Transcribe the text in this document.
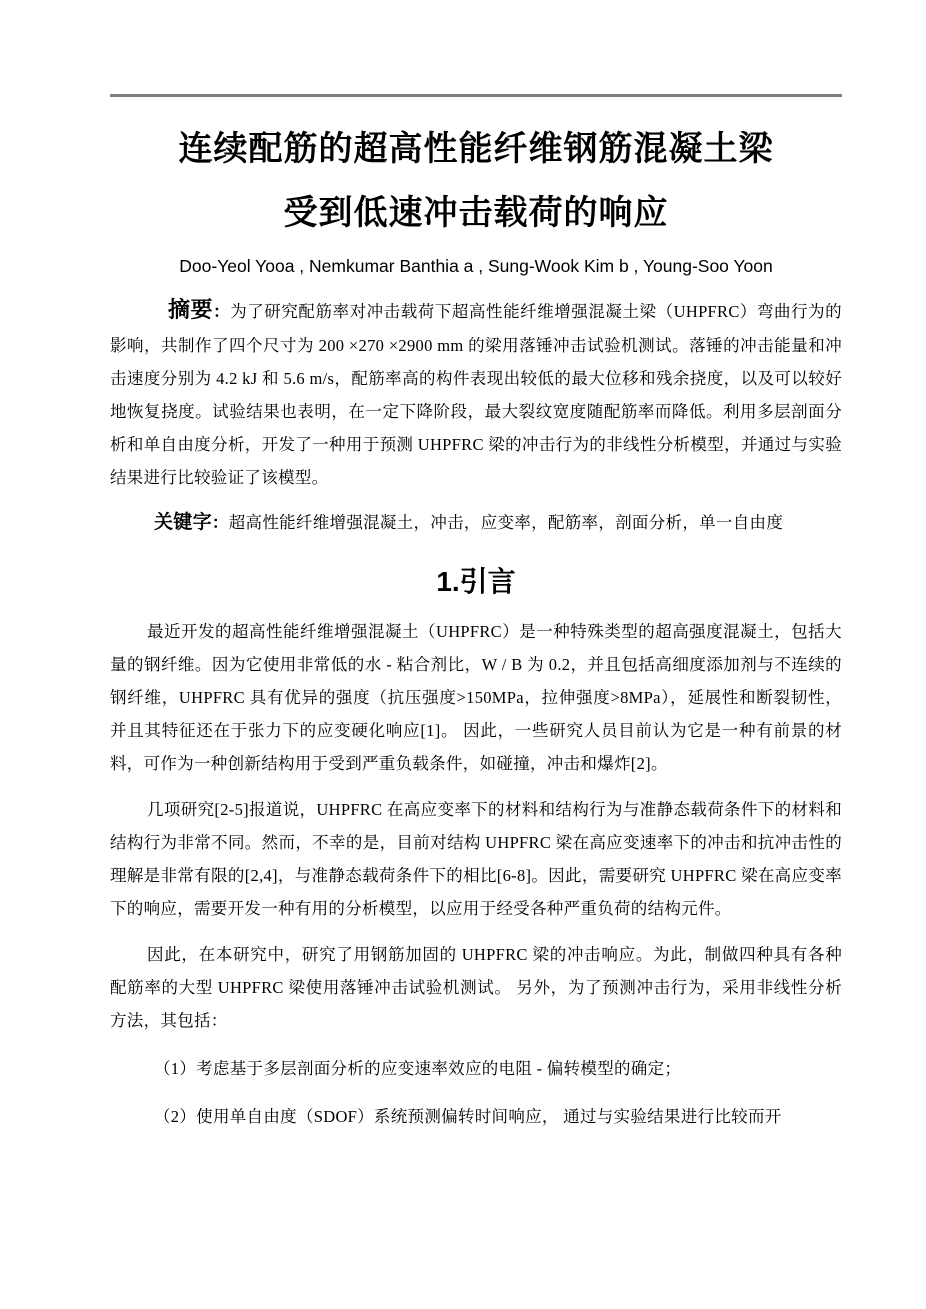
连续配筋的超高性能纤维钢筋混凝土梁
受到低速冲击载荷的响应
Doo-Yeol Yooa , Nemkumar Banthia a , Sung-Wook Kim b , Young-Soo Yoon

摘要：为了研究配筋率对冲击载荷下超高性能纤维增强混凝土梁（UHPFRC）弯曲行为的影响，共制作了四个尺寸为 200 ×270 ×2900 mm 的梁用落锤冲击试验机测试。落锤的冲击能量和冲击速度分别为 4.2 kJ 和 5.6 m/s，配筋率高的构件表现出较低的最大位移和残余挠度，以及可以较好地恢复挠度。试验结果也表明，在一定下降阶段，最大裂纹宽度随配筋率而降低。利用多层剖面分析和单自由度分析，开发了一种用于预测 UHPFRC 梁的冲击行为的非线性分析模型，并通过与实验结果进行比较验证了该模型。

关键字：超高性能纤维增强混凝土，冲击，应变率，配筋率，剖面分析，单一自由度

1.引言

最近开发的超高性能纤维增强混凝土（UHPFRC）是一种特殊类型的超高强度混凝土，包括大量的钢纤维。因为它使用非常低的水 - 粘合剂比，W / B 为 0.2，并且包括高细度添加剂与不连续的钢纤维，UHPFRC 具有优异的强度（抗压强度>150MPa，拉伸强度>8MPa），延展性和断裂韧性，并且其特征还在于张力下的应变硬化响应[1]。 因此，一些研究人员目前认为它是一种有前景的材料，可作为一种创新结构用于受到严重负载条件，如碰撞，冲击和爆炸[2]。

几项研究[2-5]报道说，UHPFRC 在高应变率下的材料和结构行为与准静态载荷条件下的材料和结构行为非常不同。然而，不幸的是，目前对结构 UHPFRC 梁在高应变速率下的冲击和抗冲击性的理解是非常有限的[2,4]，与准静态载荷条件下的相比[6-8]。因此，需要研究 UHPFRC 梁在高应变率下的响应，需要开发一种有用的分析模型，以应用于经受各种严重负荷的结构元件。

因此，在本研究中，研究了用钢筋加固的 UHPFRC 梁的冲击响应。为此，制做四种具有各种配筋率的大型 UHPFRC 梁使用落锤冲击试验机测试。 另外，为了预测冲击行为，采用非线性分析方法，其包括：

（1）考虑基于多层剖面分析的应变速率效应的电阻 - 偏转模型的确定；

（2）使用单自由度（SDOF）系统预测偏转时间响应， 通过与实验结果进行比较而开
